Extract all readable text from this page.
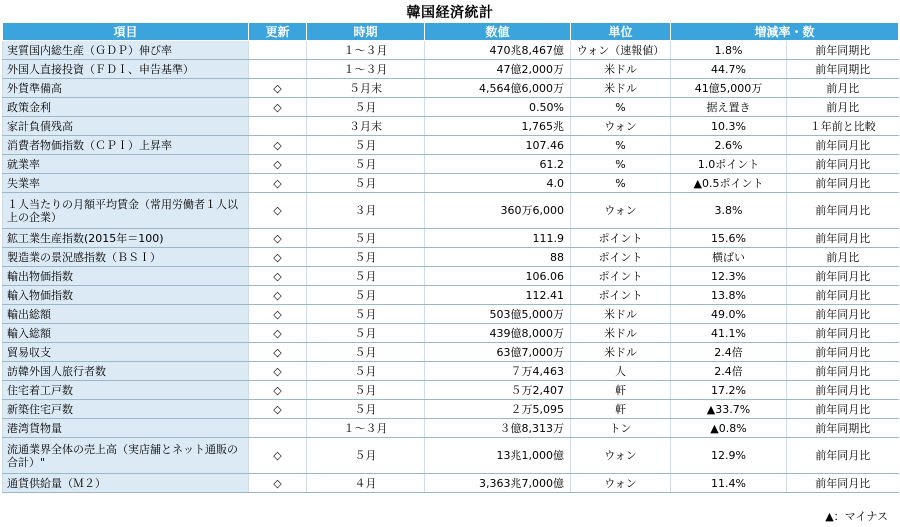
韓国経済統計
項目	更新	時期	数値	単位	増減率・数	
実質国内総生産（ＧＤＰ）伸び率		１～３月	470兆8,467億	ウォン（速報値）	1.8%	前年同期比
外国人直接投資（ＦＤＩ、申告基準）		１～３月	47億2,000万	米ドル	44.7%	前年同期比
外貨準備高	◇	５月末	4,564億6,000万	米ドル	41億5,000万	前月比
政策金利	◇	５月	0.50%	%	据え置き	前月比
家計負債残高		３月末	1,765兆	ウォン	10.3%	１年前と比較
消費者物価指数（ＣＰＩ）上昇率	◇	５月	107.46	%	2.6%	前年同月比
就業率	◇	５月	61.2	%	1.0ポイント	前年同月比
失業率	◇	５月	4.0	%	▲0.5ポイント	前年同月比
１人当たりの月額平均賃金（常用労働者１人以上の企業）	◇	３月	360万6,000	ウォン	3.8%	前年同月比
鉱工業生産指数(2015年＝100)	◇	５月	111.9	ポイント	15.6%	前年同月比
製造業の景況感指数（ＢＳＩ）	◇	５月	88	ポイント	横ばい	前月比
輸出物価指数	◇	５月	106.06	ポイント	12.3%	前年同月比
輸入物価指数	◇	５月	112.41	ポイント	13.8%	前年同月比
輸出総額	◇	５月	503億5,000万	米ドル	49.0%	前年同月比
輸入総額	◇	５月	439億8,000万	米ドル	41.1%	前年同月比
貿易収支	◇	５月	63億7,000万	米ドル	2.4倍	前年同月比
訪韓外国人旅行者数	◇	５月	７万4,463	人	2.4倍	前年同月比
住宅着工戸数	◇	５月	５万2,407	軒	17.2%	前年同月比
新築住宅戸数	◇	５月	２万5,095	軒	▲33.7%	前年同月比
港湾貨物量		１～３月	３億8,313万	トン	▲0.8%	前年同期比
流通業界全体の売上高（実店舗とネット通販の合計）"	◇	５月	13兆1,000億	ウォン	12.9%	前年同月比
通貨供給量（Ｍ２）	◇	４月	3,363兆7,000億	ウォン	11.4%	前年同月比
▲：マイナス
